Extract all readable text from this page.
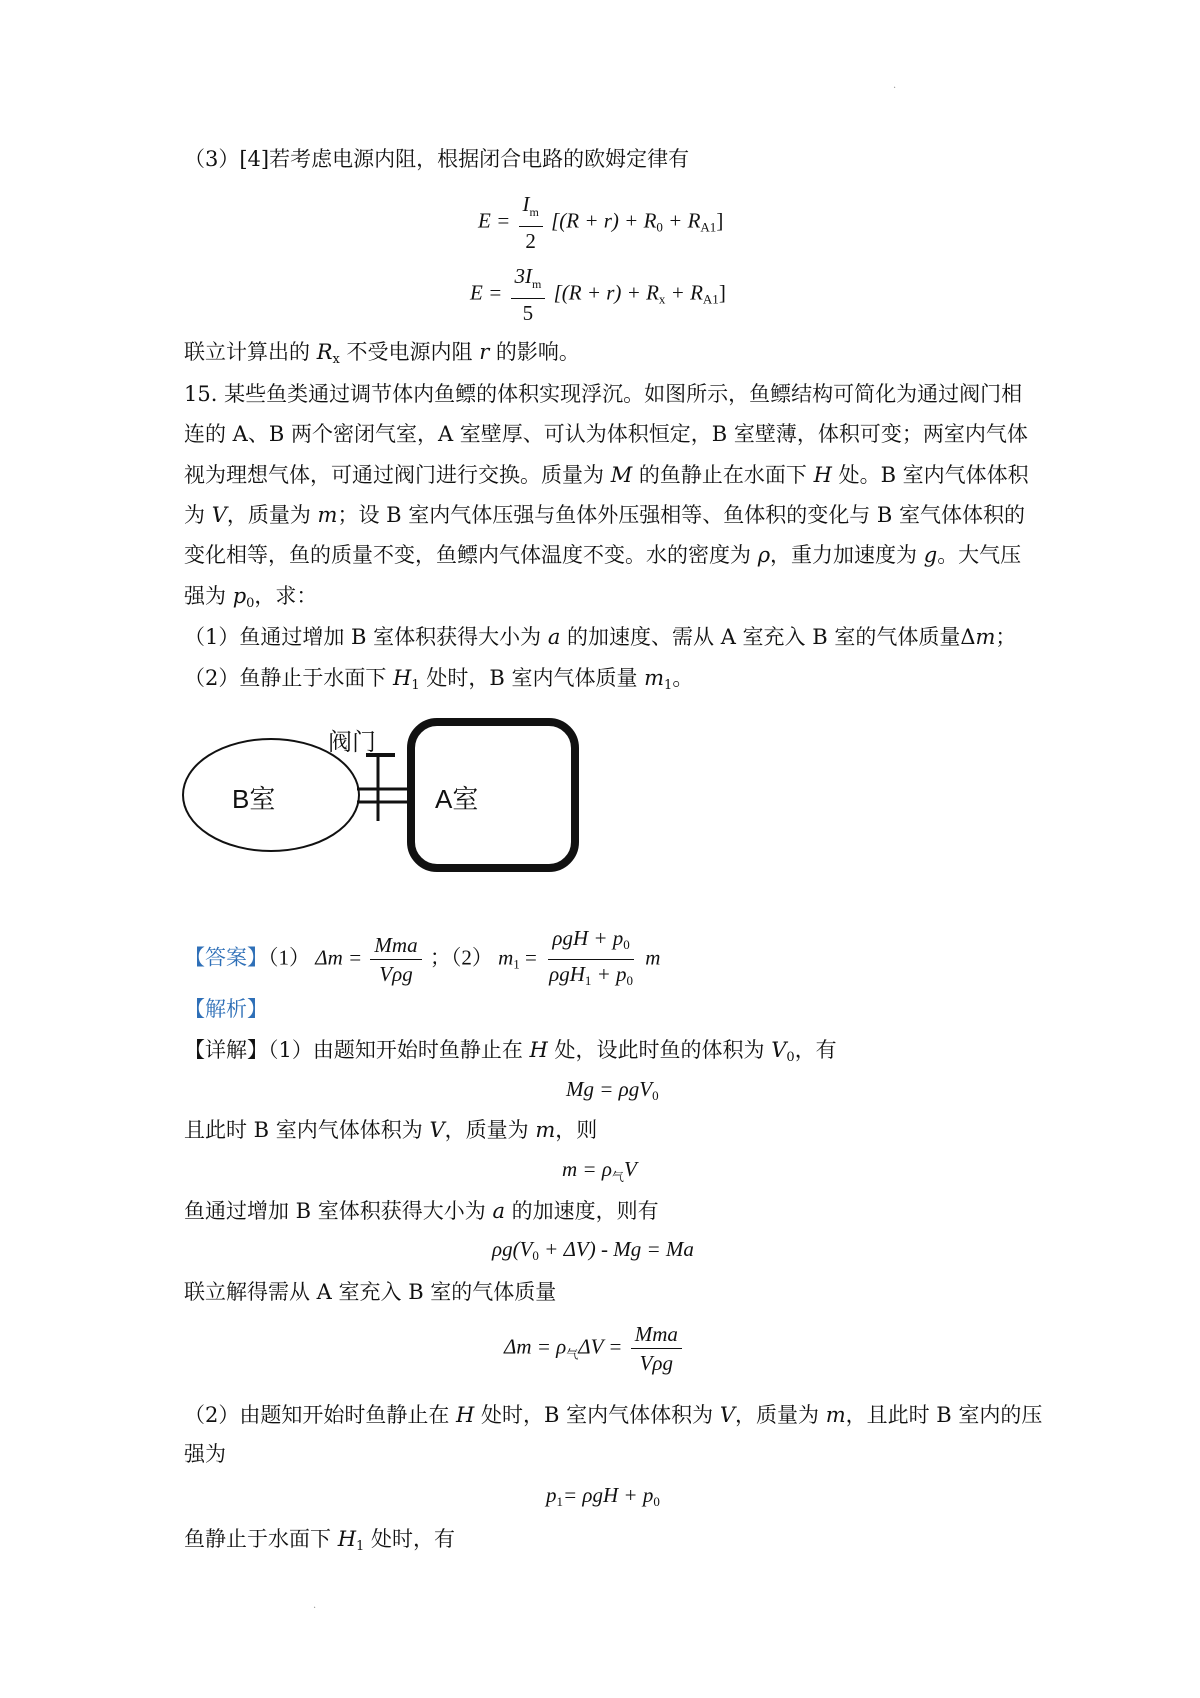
.
（3）[4]若考虑电源内阻，根据闭合电路的欧姆定律有
$E = \frac{I_m}{2} [(R + r) + R_0 + R_{A1}]$
$E = \frac{3I_m}{5} [(R + r) + R_x + R_{A1}]$
联立计算出的 $R_x$ 不受电源内阻 r 的影响。
15. 某些鱼类通过调节体内鱼鳔的体积实现浮沉。如图所示，鱼鳔结构可简化为通过阀门相
连的 A、B 两个密闭气室，A 室壁厚、可认为体积恒定，B 室壁薄，体积可变；两室内气体
视为理想气体，可通过阀门进行交换。质量为 M 的鱼静止在水面下 H 处。B 室内气体体积
为 V，质量为 m；设 B 室内气体压强与鱼体外压强相等、鱼体积的变化与 B 室气体体积的
变化相等，鱼的质量不变，鱼鳔内气体温度不变。水的密度为 ρ，重力加速度为 g。大气压
强为 $p_0$，求：
（1）鱼通过增加 B 室体积获得大小为 a 的加速度、需从 A 室充入 B 室的气体质量Δm；
（2）鱼静止于水面下 $H_1$ 处时，B 室内气体质量 $m_1$。
阀门
B室	A室
【答案】（1） $\Delta m = \frac{\text{Mma}}{\text{Vρg}}$ ；（2） $m_1 = \frac{\rho gH + p_0}{\rho gH_1 + p_0}$ m
【解析】
【详解】（1）由题知开始时鱼静止在 H 处，设此时鱼的体积为 $V_0$，有
Mg = ρgV$_0$
且此时 B 室内气体体积为 V，质量为 m，则
$m = \rho_气V$
鱼通过增加 B 室体积获得大小为 a 的加速度，则有
$\rho g(V_0 + \Delta V) - Mg = Ma$
联立解得需从 A 室充入 B 室的气体质量
$\Delta m = \rho_气\Delta V = \frac{\text{Mma}}{\text{Vρg}}$
（2）由题知开始时鱼静止在 H 处时，B 室内气体体积为 V，质量为 m，且此时 B 室内的压
强为
$p_1= \rho gH + p_0$
鱼静止于水面下 $H_1$ 处时，有
.
